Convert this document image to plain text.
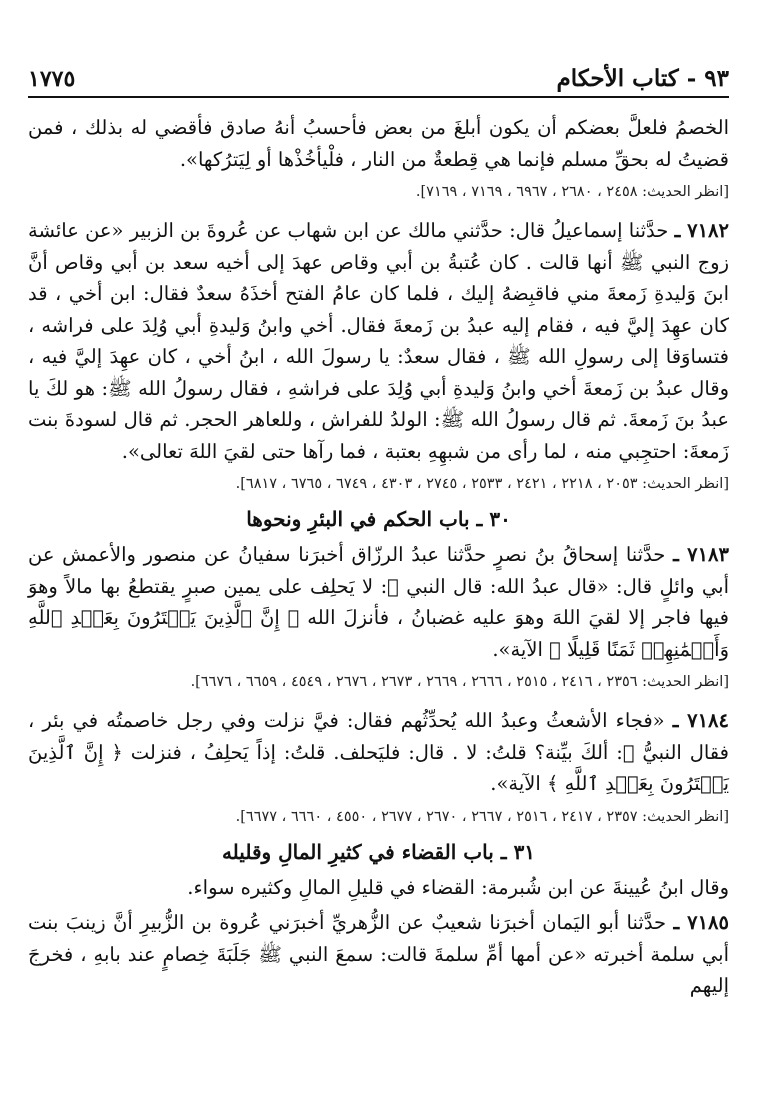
٩٣ - كتاب الأحكام
١٧٧٥

الخصمُ فلعلَّ بعضكم أن يكون أبلغَ من بعض فأحسبُ أنهُ صادق فأقضي له بذلك ، فمن قضيتُ له بحقِّ مسلم فإنما هي قِطعةٌ من النار ، فلْيأخُذْها أو لِيَترُكها».

[انظر الحديث: ٢٤٥٨ ، ٢٦٨٠ ، ٦٩٦٧ ، ٧١٦٩ ، ٧١٦٩].

٧١٨٢ ـ حدَّثنا إسماعيلُ قال: حدَّثني مالك عن ابن شهاب عن عُروةَ بن الزبير «عن عائشة زوج النبي ﷺ أنها قالت . كان عُتبةُ بن أبي وقاص عهدَ إلى أخيه سعد بن أبي وقاص أنَّ ابنَ وَليدةِ زَمعةَ مني فاقبِضهُ إليك ، فلما كان عامُ الفتح أخذَهُ سعدٌ فقال: ابن أخي ، قد كان عهِدَ إليَّ فيه ، فقام إليه عبدُ بن زَمعةَ فقال. أخي وابنُ وَليدةِ أبي وُلِدَ على فراشه ، فتساوَقا إلى رسولِ الله ﷺ ، فقال سعدٌ: يا رسولَ الله ، ابنُ أخي ، كان عهِدَ إليَّ فيه ، وقال عبدُ بن زَمعةَ أخي وابنُ وَليدةِ أبي وُلِدَ على فراشهِ ، فقال رسولُ الله ﷺ: هو لكَ يا عبدُ بنَ زَمعةَ. ثم قال رسولُ الله ﷺ: الولدُ للفراش ، وللعاهر الحجر. ثم قال لسودةَ بنت زَمعةَ: احتجِبي منه ، لما رأى من شبهِهِ بعتبة ، فما رآها حتى لقيَ اللهَ تعالى».

[انظر الحديث: ٢٠٥٣ ، ٢٢١٨ ، ٢٤٢١ ، ٢٥٣٣ ، ٢٧٤٥ ، ٤٣٠٣ ، ٦٧٤٩ ، ٦٧٦٥ ، ٦٨١٧].
٣٠ ـ باب الحكم في البئرِ ونحوها

٧١٨٣ ـ حدَّثنا إسحاقُ بنُ نصرٍ حدَّثنا عبدُ الرزّاق أخبرَنا سفيانُ عن منصور والأعمش عن أبي وائلٍ قال: «قال عبدُ الله: قال النبي ﷺ: لا يَحلِف على يمين صبرٍ يقتطعُ بها مالاً وهوَ فيها فاجر إلا لقيَ اللهَ وهوَ عليه غضبانُ ، فأنزلَ الله ﴿ إِنَّ ٱلَّذِينَ يَشۡتَرُونَ بِعَهۡدِ ٱللَّهِ وَأَيۡمَٰنِهِمۡ ثَمَنًا قَلِيلًا ﴾ الآية».

[انظر الحديث: ٢٣٥٦ ، ٢٤١٦ ، ٢٥١٥ ، ٢٦٦٦ ، ٢٦٦٩ ، ٢٦٧٣ ، ٢٦٧٦ ، ٤٥٤٩ ، ٦٦٥٩ ، ٦٦٧٦].

٧١٨٤ ـ «فجاء الأشعثُ وعبدُ الله يُحدِّثُهم فقال: فيَّ نزلت وفي رجل خاصمتُه في بئر ، فقال النبيُّ ﷺ: ألكَ بيِّنة؟ قلتُ: لا . قال: فليَحلف. قلتُ: إذاً يَحلِفُ ، فنزلت ﴿ إِنَّ ٱلَّذِينَ يَشۡتَرُونَ بِعَهۡدِ ٱللَّهِ ﴾ الآية».

[انظر الحديث: ٢٣٥٧ ، ٢٤١٧ ، ٢٥١٦ ، ٢٦٦٧ ، ٢٦٧٠ ، ٢٦٧٧ ، ٤٥٥٠ ، ٦٦٦٠ ، ٦٦٧٧].
٣١ ـ باب القضاء في كثيرِ المالِ وقليله

وقال ابنُ عُيينةَ عن ابن شُبرمة: القضاء في قليلِ المالِ وكثيره سواء.

٧١٨٥ ـ حدَّثنا أبو اليَمان أخبرَنا شعيبٌ عن الزُّهريِّ أخبرَني عُروة بن الزُّبيرِ أنَّ زينبَ بنت أبي سلمة أخبرته «عن أمها أمِّ سلمةَ قالت: سمعَ النبي ﷺ جَلَبَةَ خِصامٍ عند بابهِ ، فخرجَ إليهم
